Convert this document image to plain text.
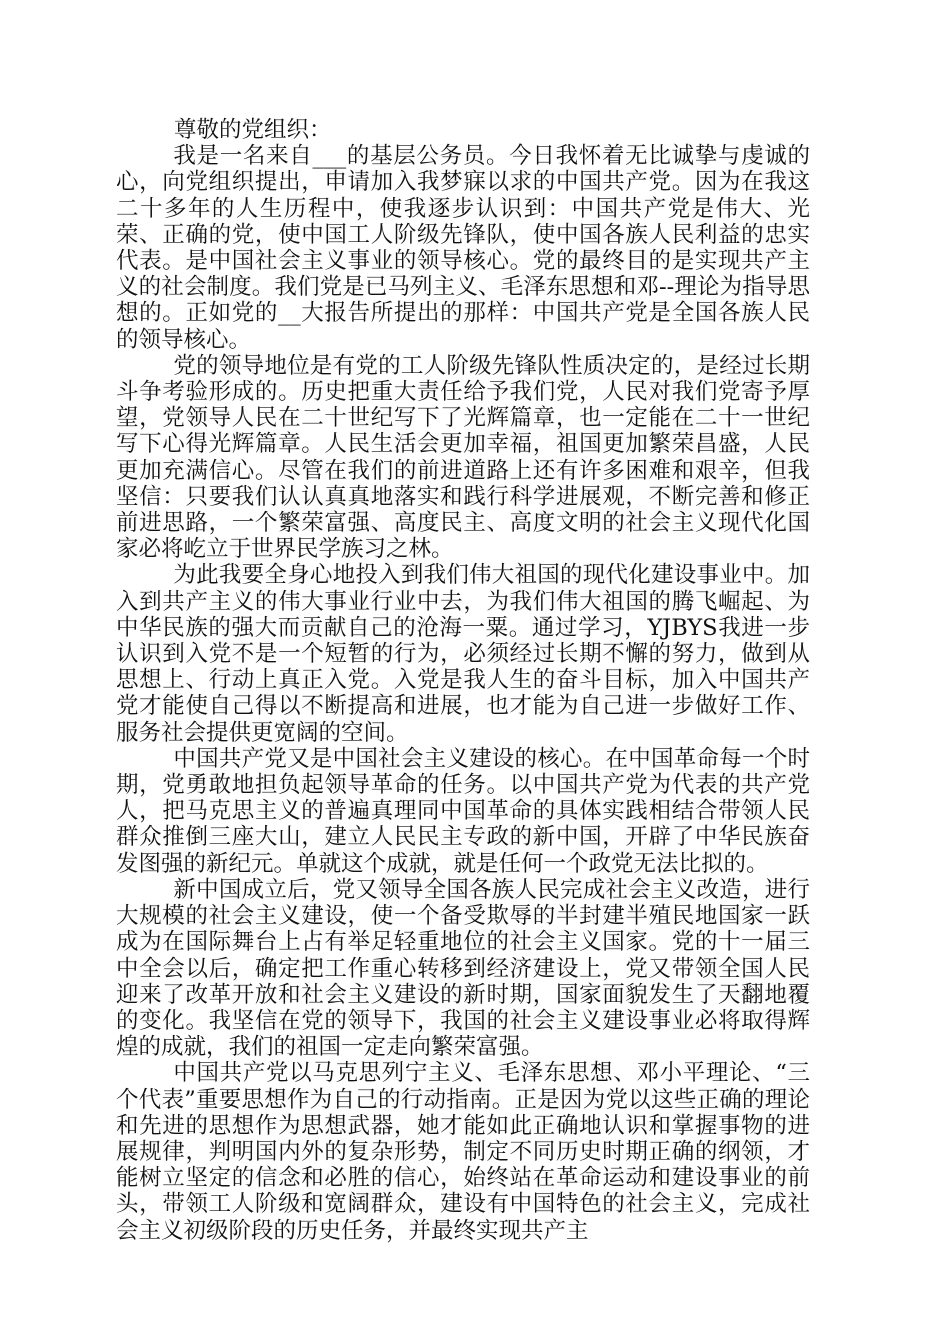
尊敬的党组织：

我是一名来自___的基层公务员。今日我怀着无比诚挚与虔诚的心，向党组织提出，申请加入我梦寐以求的中国共产党。因为在我这二十多年的人生历程中，使我逐步认识到：中国共产党是伟大、光荣、正确的党，使中国工人阶级先锋队，使中国各族人民利益的忠实代表。是中国社会主义事业的领导核心。党的最终目的是实现共产主义的社会制度。我们党是已马列主义、毛泽东思想和邓--理论为指导思想的。正如党的__大报告所提出的那样：中国共产党是全国各族人民的领导核心。

党的领导地位是有党的工人阶级先锋队性质决定的，是经过长期斗争考验形成的。历史把重大责任给予我们党，人民对我们党寄予厚望，党领导人民在二十世纪写下了光辉篇章，也一定能在二十一世纪写下心得光辉篇章。人民生活会更加幸福，祖国更加繁荣昌盛，人民更加充满信心。尽管在我们的前进道路上还有许多困难和艰辛，但我坚信：只要我们认认真真地落实和践行科学进展观，不断完善和修正前进思路，一个繁荣富强、高度民主、高度文明的社会主义现代化国家必将屹立于世界民学族习之林。

为此我要全身心地投入到我们伟大祖国的现代化建设事业中。加入到共产主义的伟大事业行业中去，为我们伟大祖国的腾飞崛起、为中华民族的强大而贡献自己的沧海一粟。通过学习，YJBYS我进一步认识到入党不是一个短暂的行为，必须经过长期不懈的努力，做到从思想上、行动上真正入党。入党是我人生的奋斗目标，加入中国共产党才能使自己得以不断提高和进展，也才能为自己进一步做好工作、服务社会提供更宽阔的空间。

中国共产党又是中国社会主义建设的核心。在中国革命每一个时期，党勇敢地担负起领导革命的任务。以中国共产党为代表的共产党人，把马克思主义的普遍真理同中国革命的具体实践相结合带领人民群众推倒三座大山，建立人民民主专政的新中国，开辟了中华民族奋发图强的新纪元。单就这个成就，就是任何一个政党无法比拟的。

新中国成立后，党又领导全国各族人民完成社会主义改造，进行大规模的社会主义建设，使一个备受欺辱的半封建半殖民地国家一跃成为在国际舞台上占有举足轻重地位的社会主义国家。党的十一届三中全会以后，确定把工作重心转移到经济建设上，党又带领全国人民迎来了改革开放和社会主义建设的新时期，国家面貌发生了天翻地覆的变化。我坚信在党的领导下，我国的社会主义建设事业必将取得辉煌的成就，我们的祖国一定走向繁荣富强。

中国共产党以马克思列宁主义、毛泽东思想、邓小平理论、“三个代表”重要思想作为自己的行动指南。正是因为党以这些正确的理论和先进的思想作为思想武器，她才能如此正确地认识和掌握事物的进展规律，判明国内外的复杂形势，制定不同历史时期正确的纲领，才能树立坚定的信念和必胜的信心，始终站在革命运动和建设事业的前头，带领工人阶级和宽阔群众，建设有中国特色的社会主义，完成社会主义初级阶段的历史任务，并最终实现共产主
